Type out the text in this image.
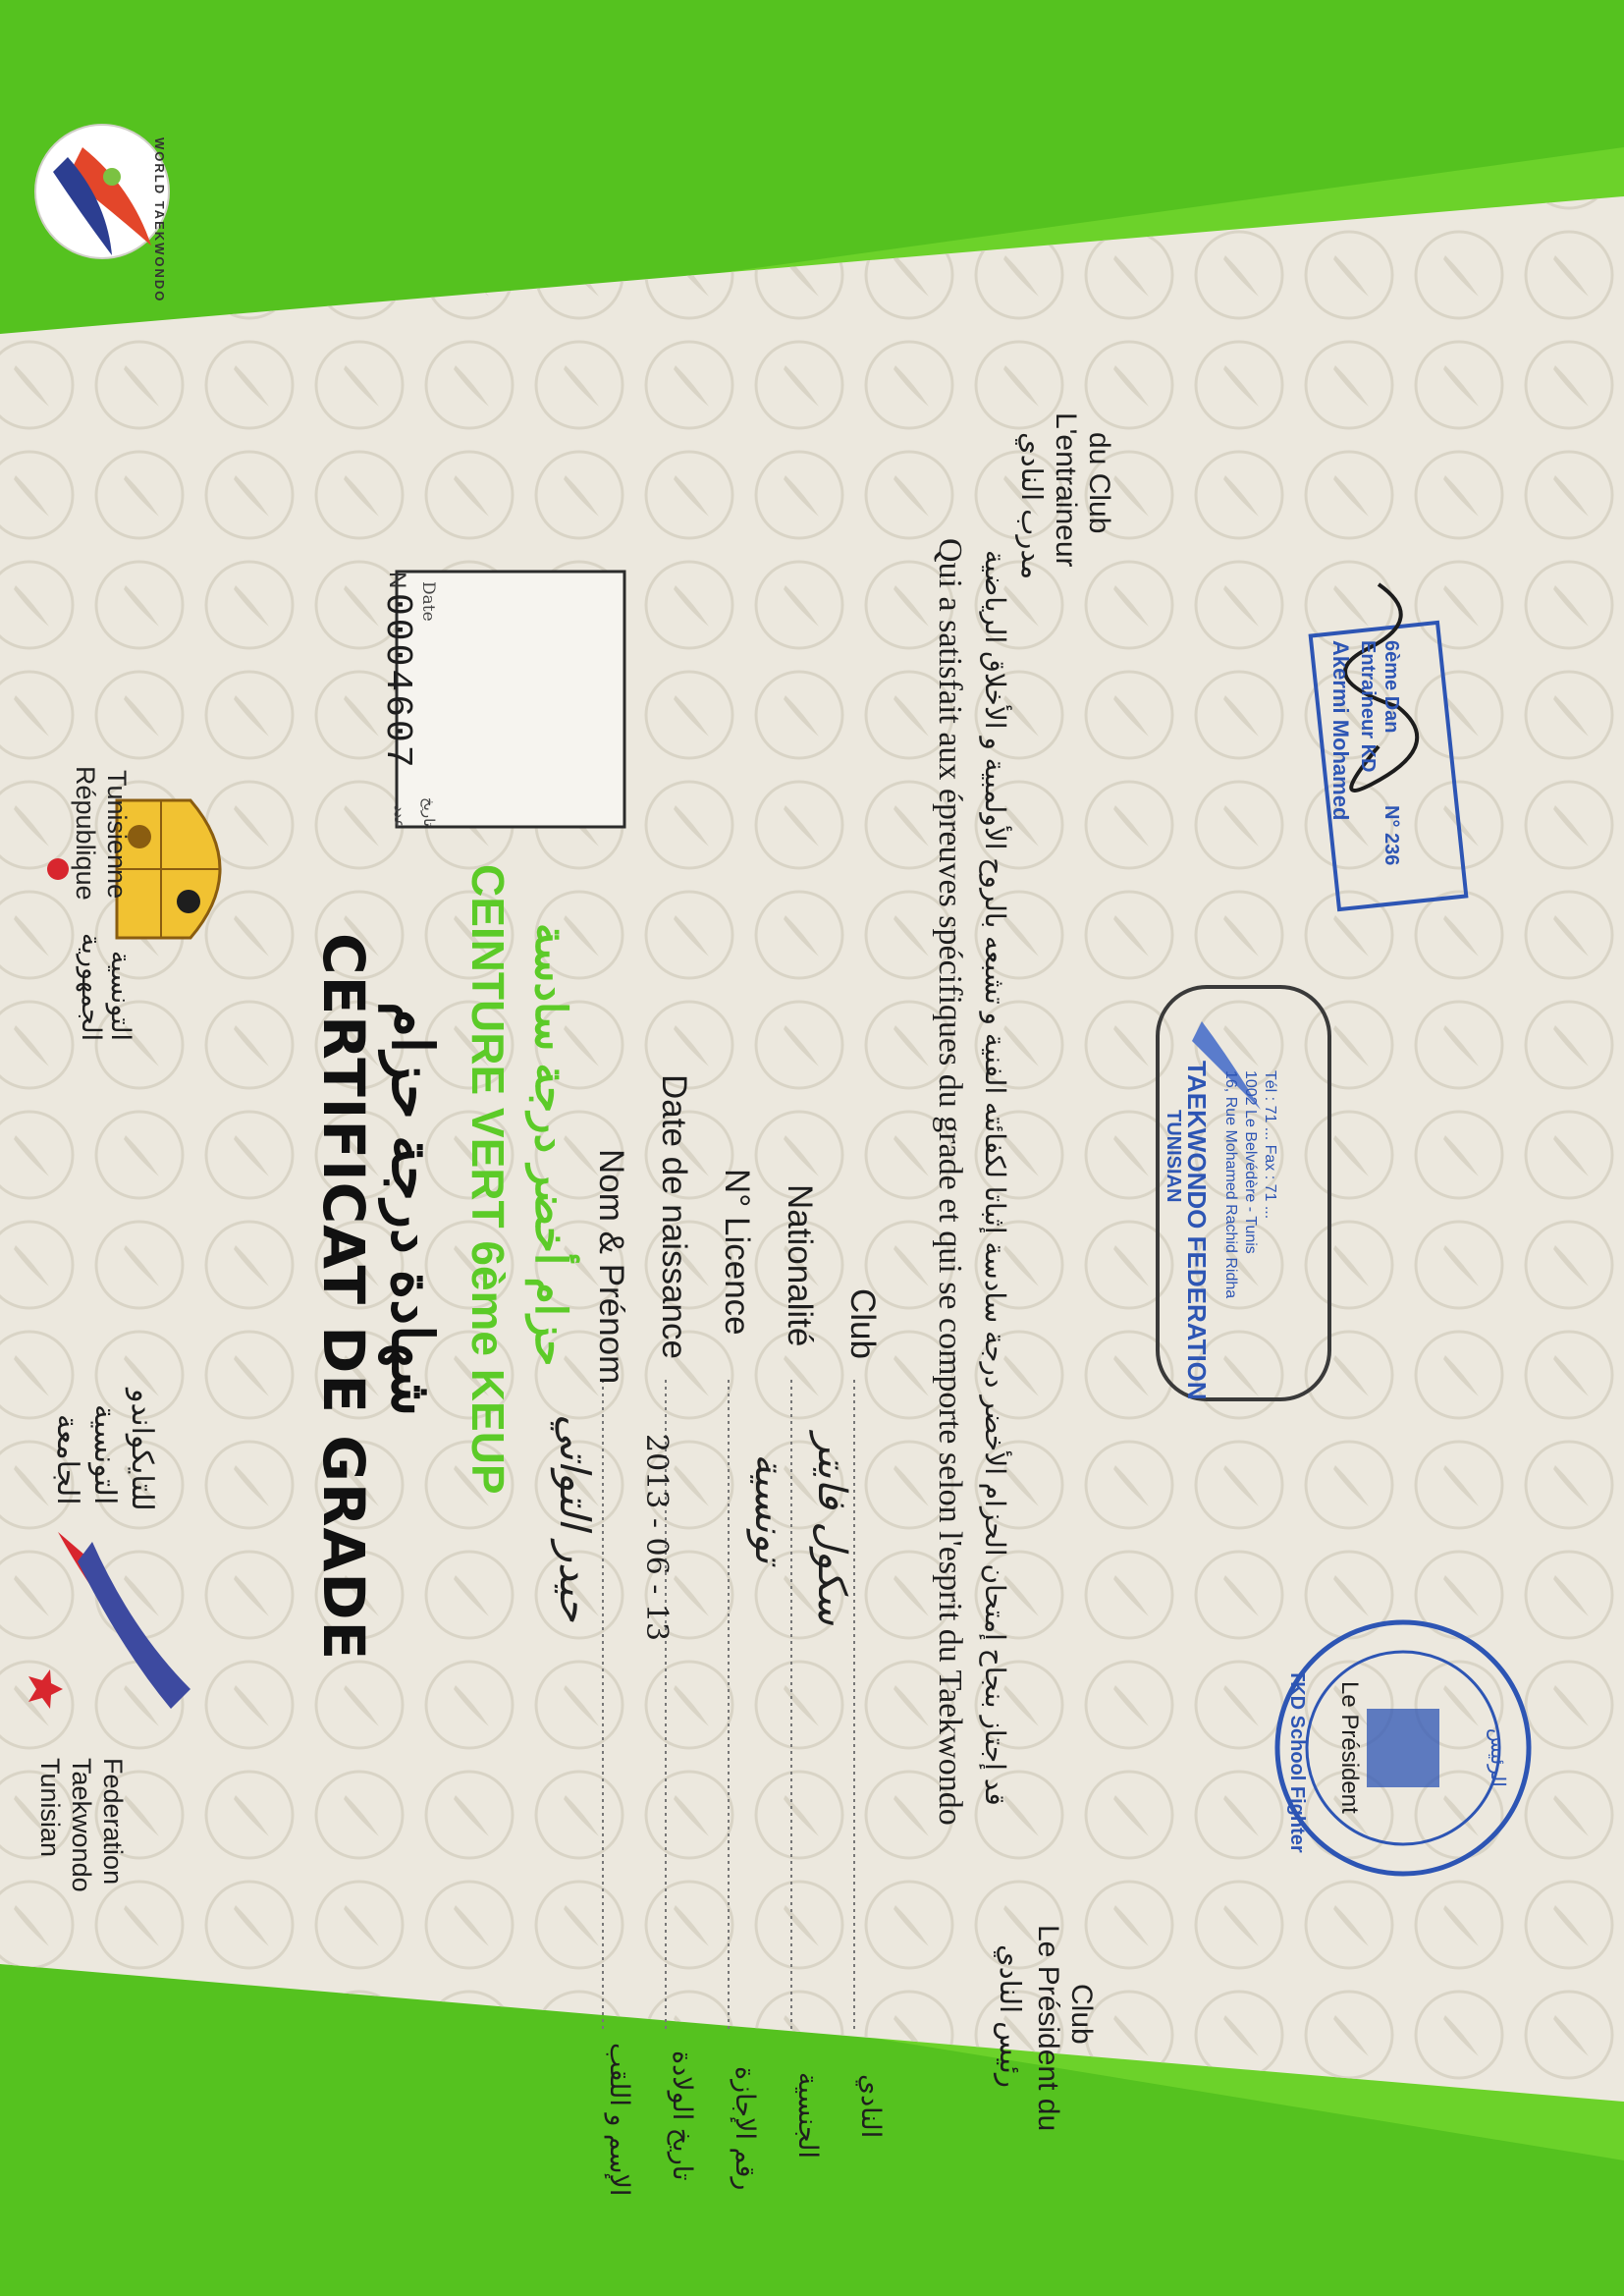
WORLD TAEKWONDO
République Tunisienne
الجمهورية التونسية
الجامعة التونسية للتايكواندو
Tunisian Taekwondo Federation
N
0004607
عدد
Date
تاريخ
CERTIFICAT DE GRADE شهادة درجة حزام CEINTURE VERT 6ème KEUP حزام أخضر درجة سادسة Nom & Prénom Date de naissance N° Licence Nationalité Club
الإسم و اللقب تاريخ الولادة رقم الإجازة الجنسية النادي
حيدر التواتي 2013 - 06 - 13 تونسية سكول فايتر Qui a satisfait aux épreuves spécifiques du grade et qui se comporte selon l'esprit du Taekwondo قد إجتاز بنجاح إمتحان الحزام الأخضر درجة سادسة إثباتا لكفائته الفنية و تشبعه بالروح الأولمبية و الأخلاق الرياضية
مدرب النادي L'entraineur du Club
رئيس النادي Le Président du Club
TUNISIAN
TAEKWONDO FEDERATION 16, Rue Mohamed Rachid Ridha 1002 Le Belvédère - Tunis Tél : 71 ... Fax : 71 ...
Akermi Mohamed Entraineur KD 6ème Dan
N° 236
TKD School Fighter Le Président	الرئيس
